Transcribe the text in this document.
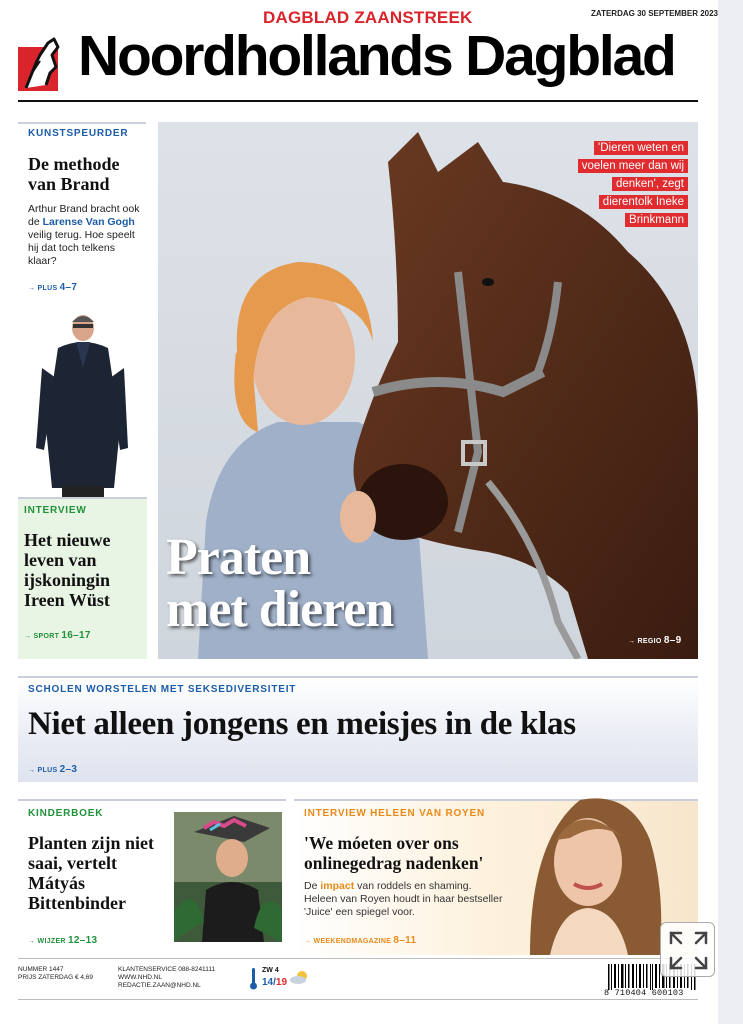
DAGBLAD ZAANSTREEK	ZATERDAG 30 SEPTEMBER 2023
Noordhollands Dagblad
KUNSTSPEURDER
De methode van Brand
Arthur Brand bracht ook de Larense Van Gogh veilig terug. Hoe speelt hij dat toch telkens klaar?
→ PLUS 4–7
INTERVIEW
Het nieuwe leven van ijskoningin Ireen Wüst
→ SPORT 16–17
'Dieren weten en
voelen meer dan wij
denken', zegt
dierentolk Ineke
Brinkmann
Praten
met dieren
→ REGIO 8–9
SCHOLEN WORSTELEN MET SEKSEDIVERSITEIT
Niet alleen jongens en meisjes in de klas
→ PLUS 2–3
KINDERBOEK
Planten zijn niet saai, vertelt Mátyás Bittenbinder
→ WIJZER 12–13
INTERVIEW HELEEN VAN ROYEN
'We móeten over ons onlinegedrag nadenken'
De impact van roddels en shaming. Heleen van Royen houdt in haar bestseller 'Juice' een spiegel voor.
→ WEEKENDMAGAZINE 8–11
NUMMER 1447
PRIJS ZATERDAG € 4,69
KLANTENSERVICE 088-8241111
WWW.NHD.NL
REDACTIE.ZAAN@NHD.NL
ZW 4
14/19
8 710404 600103
